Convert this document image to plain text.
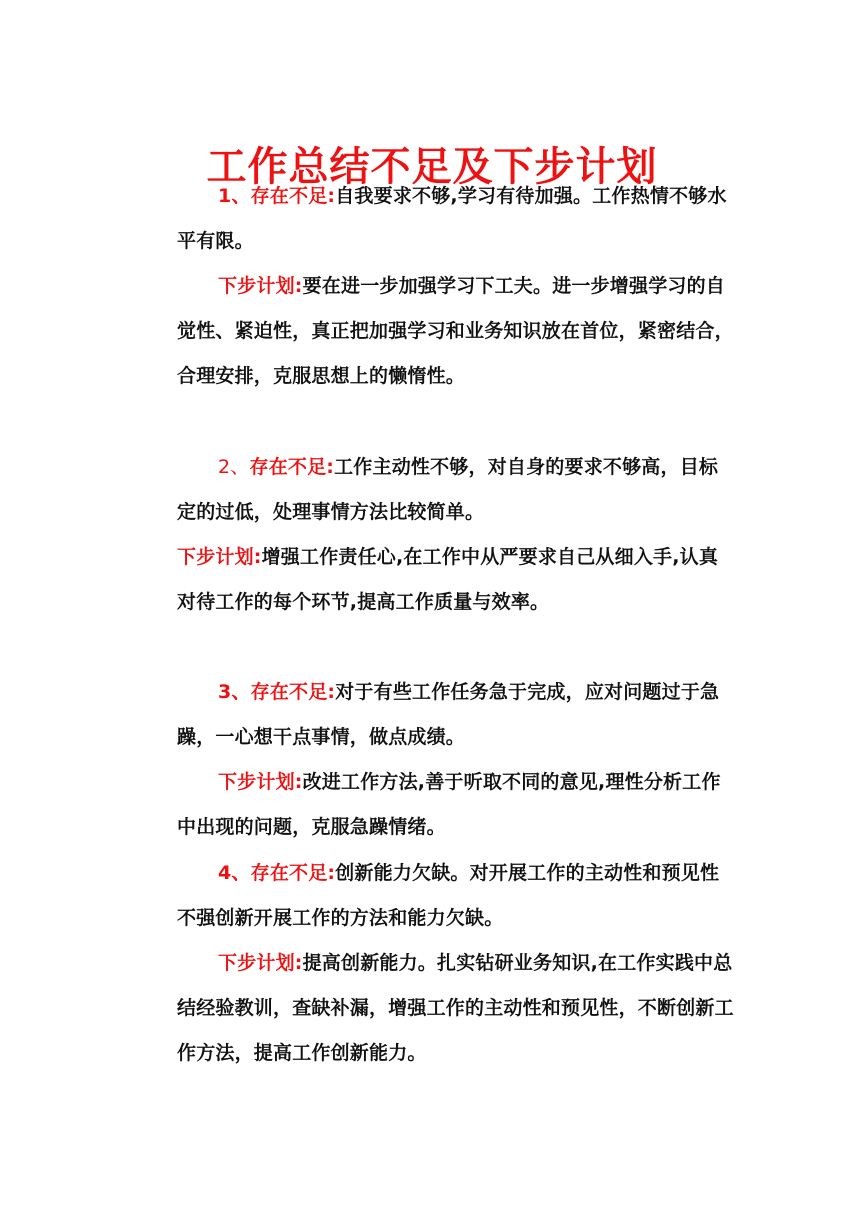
工作总结不足及下步计划

1、存在不足:自我要求不够,学习有待加强。工作热情不够水平有限。

下步计划:要在进一步加强学习下工夫。进一步增强学习的自觉性、紧迫性，真正把加强学习和业务知识放在首位，紧密结合，合理安排，克服思想上的懒惰性。

2、存在不足:工作主动性不够，对自身的要求不够高，目标定的过低，处理事情方法比较简单。

下步计划:增强工作责任心,在工作中从严要求自己从细入手,认真对待工作的每个环节,提高工作质量与效率。

3、存在不足:对于有些工作任务急于完成，应对问题过于急躁，一心想干点事情，做点成绩。

下步计划:改进工作方法,善于听取不同的意见,理性分析工作中出现的问题，克服急躁情绪。

4、存在不足:创新能力欠缺。对开展工作的主动性和预见性不强创新开展工作的方法和能力欠缺。

下步计划:提高创新能力。扎实钻研业务知识,在工作实践中总结经验教训，查缺补漏，增强工作的主动性和预见性，不断创新工作方法，提高工作创新能力。
